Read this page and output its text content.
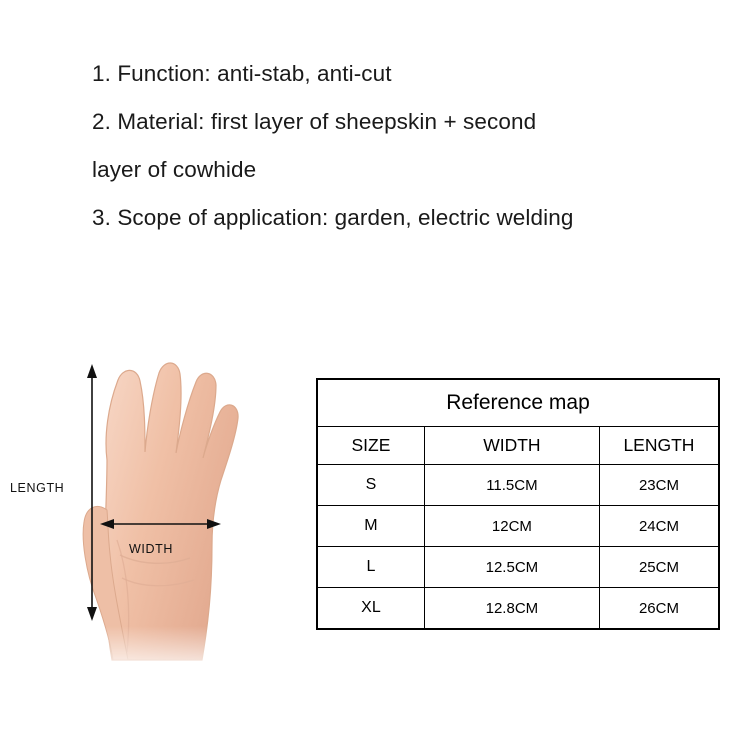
1. Function: anti-stab, anti-cut
2. Material: first layer of sheepskin + second
layer of cowhide
3. Scope of application: garden, electric welding
LENGTH
WIDTH
Reference map		
SIZE	WIDTH	LENGTH
S	11.5CM	23CM
M	12CM	24CM
L	12.5CM	25CM
XL	12.8CM	26CM
